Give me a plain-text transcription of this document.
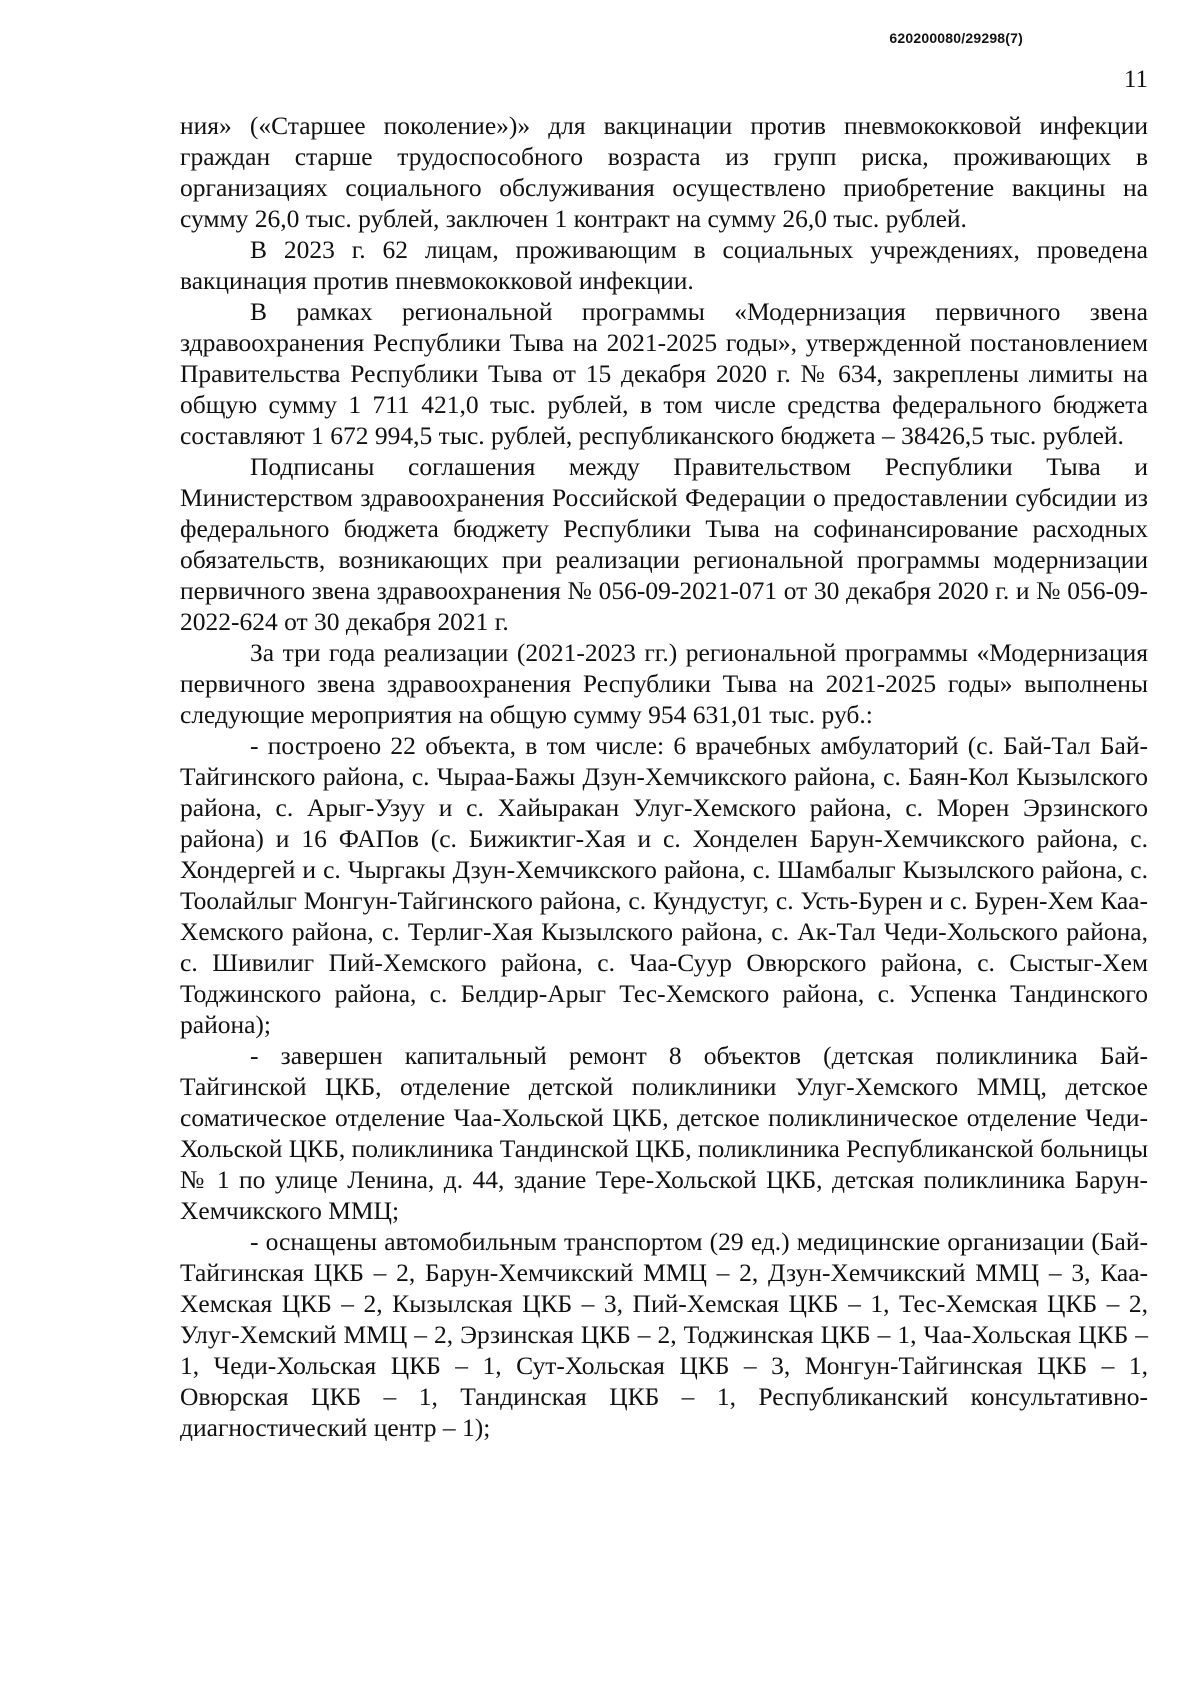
620200080/29298(7)
11

ния» («Старшее поколение»)» для вакцинации против пневмококковой инфекции граждан старше трудоспособного возраста из групп риска, проживающих в организациях социального обслуживания осуществлено приобретение вакцины на сумму 26,0 тыс. рублей, заключен 1 контракт на сумму 26,0 тыс. рублей.

В 2023 г. 62 лицам, проживающим в социальных учреждениях, проведена вакцинация против пневмококковой инфекции.

В рамках региональной программы «Модернизация первичного звена здравоохранения Республики Тыва на 2021-2025 годы», утвержденной постановлением Правительства Республики Тыва от 15 декабря 2020 г. № 634, закреплены лимиты на общую сумму 1 711 421,0 тыс. рублей, в том числе средства федерального бюджета составляют 1 672 994,5 тыс. рублей, республиканского бюджета – 38426,5 тыс. рублей.

Подписаны соглашения между Правительством Республики Тыва и Министерством здравоохранения Российской Федерации о предоставлении субсидии из федерального бюджета бюджету Республики Тыва на софинансирование расходных обязательств, возникающих при реализации региональной программы модернизации первичного звена здравоохранения № 056-09-2021-071 от 30 декабря 2020 г. и № 056-09-2022-624 от 30 декабря 2021 г.

За три года реализации (2021-2023 гг.) региональной программы «Модернизация первичного звена здравоохранения Республики Тыва на 2021-2025 годы» выполнены следующие мероприятия на общую сумму 954 631,01 тыс. руб.:

- построено 22 объекта, в том числе: 6 врачебных амбулаторий (с. Бай-Тал Бай-Тайгинского района, с. Чыраа-Бажы Дзун-Хемчикского района, с. Баян-Кол Кызылского района, с. Арыг-Узуу и с. Хайыракан Улуг-Хемского района, с. Морен Эрзинского района) и 16 ФАПов (с. Бижиктиг-Хая и с. Хонделен Барун-Хемчикского района, с. Хондергей и с. Чыргакы Дзун-Хемчикского района, с. Шамбалыг Кызылского района, с. Тоолайлыг Монгун-Тайгинского района, с. Кундустуг, с. Усть-Бурен и с. Бурен-Хем Каа-Хемского района, с. Терлиг-Хая Кызылского района, с. Ак-Тал Чеди-Хольского района, с. Шивилиг Пий-Хемского района, с. Чаа-Суур Овюрского района, с. Сыстыг-Хем Тоджинского района, с. Белдир-Арыг Тес-Хемского района, с. Успенка Тандинского района);

- завершен капитальный ремонт 8 объектов (детская поликлиника Бай-Тайгинской ЦКБ, отделение детской поликлиники Улуг-Хемского ММЦ, детское соматическое отделение Чаа-Хольской ЦКБ, детское поликлиническое отделение Чеди-Хольской ЦКБ, поликлиника Тандинской ЦКБ, поликлиника Республиканской больницы № 1 по улице Ленина, д. 44, здание Тере-Хольской ЦКБ, детская поликлиника Барун-Хемчикского ММЦ;

- оснащены автомобильным транспортом (29 ед.) медицинские организации (Бай-Тайгинская ЦКБ – 2, Барун-Хемчикский ММЦ – 2, Дзун-Хемчикский ММЦ – 3, Каа-Хемская ЦКБ – 2, Кызылская ЦКБ – 3, Пий-Хемская ЦКБ – 1, Тес-Хемская ЦКБ – 2, Улуг-Хемский ММЦ – 2, Эрзинская ЦКБ – 2, Тоджинская ЦКБ – 1, Чаа-Хольская ЦКБ – 1, Чеди-Хольская ЦКБ – 1, Сут-Хольская ЦКБ – 3, Монгун-Тайгинская ЦКБ – 1, Овюрская ЦКБ – 1, Тандинская ЦКБ – 1, Республиканский консультативно-диагностический центр – 1);
